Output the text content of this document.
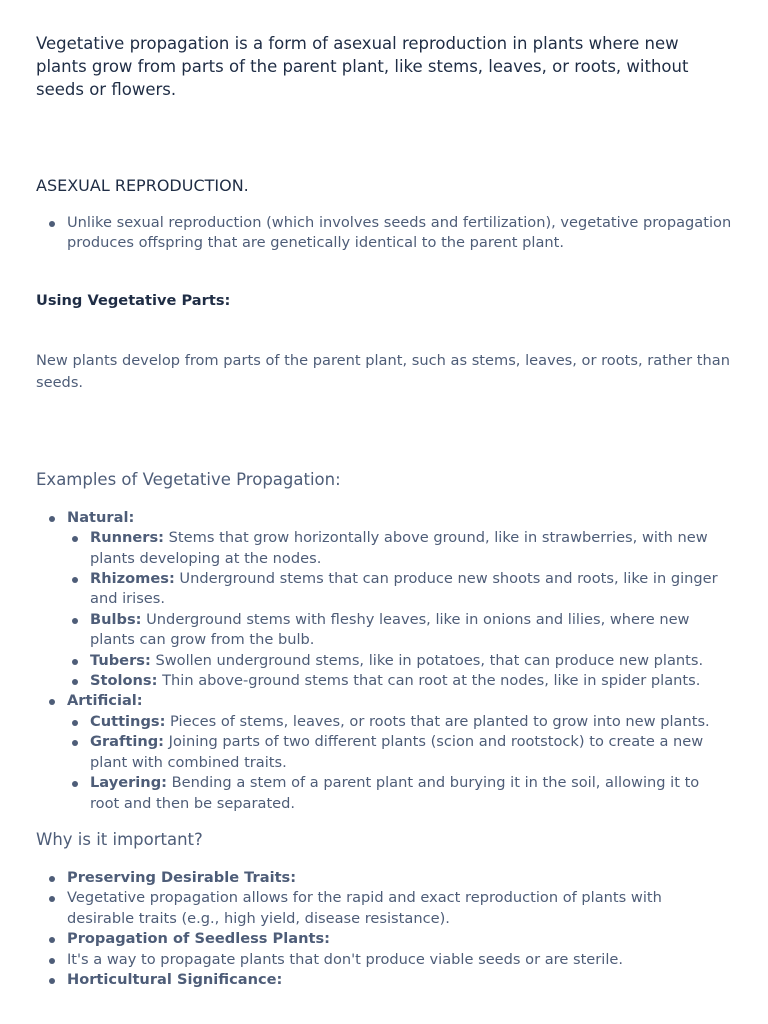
Vegetative propagation is a form of asexual reproduction in plants where new plants grow from parts of the parent plant, like stems, leaves, or roots, without seeds or flowers.

ASEXUAL REPRODUCTION.
Unlike sexual reproduction (which involves seeds and fertilization), vegetative propagation produces offspring that are genetically identical to the parent plant.

Using Vegetative Parts:

New plants develop from parts of the parent plant, such as stems, leaves, or roots, rather than seeds.

Examples of Vegetative Propagation:
Natural:
Runners: Stems that grow horizontally above ground, like in strawberries, with new plants developing at the nodes.
Rhizomes: Underground stems that can produce new shoots and roots, like in ginger and irises.
Bulbs: Underground stems with fleshy leaves, like in onions and lilies, where new plants can grow from the bulb.
Tubers: Swollen underground stems, like in potatoes, that can produce new plants.
Stolons: Thin above-ground stems that can root at the nodes, like in spider plants.
Artificial:
Cuttings: Pieces of stems, leaves, or roots that are planted to grow into new plants.
Grafting: Joining parts of two different plants (scion and rootstock) to create a new plant with combined traits.
Layering: Bending a stem of a parent plant and burying it in the soil, allowing it to root and then be separated.
Why is it important?
Preserving Desirable Traits:
Vegetative propagation allows for the rapid and exact reproduction of plants with desirable traits (e.g., high yield, disease resistance).
Propagation of Seedless Plants:
It's a way to propagate plants that don't produce viable seeds or are sterile.
Horticultural Significance:
